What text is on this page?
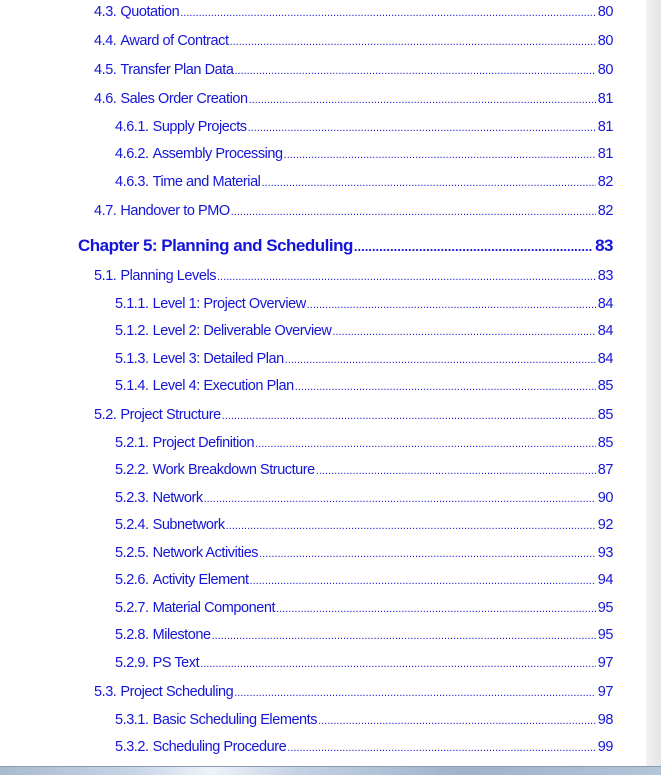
4.3. Quotation .....	80
4.4. Award of Contract .....	80
4.5. Transfer Plan Data .....	80
4.6. Sales Order Creation .....	81
4.6.1. Supply Projects .....	81
4.6.2. Assembly Processing .....	81
4.6.3. Time and Material .....	82
4.7. Handover to PMO .....	82
Chapter 5: Planning and Scheduling .....	83
5.1. Planning Levels .....	83
5.1.1. Level 1: Project Overview .....	84
5.1.2. Level 2: Deliverable Overview .....	84
5.1.3. Level 3: Detailed Plan .....	84
5.1.4. Level 4: Execution Plan .....	85
5.2. Project Structure .....	85
5.2.1. Project Definition .....	85
5.2.2. Work Breakdown Structure .....	87
5.2.3. Network .....	90
5.2.4. Subnetwork .....	92
5.2.5. Network Activities .....	93
5.2.6. Activity Element .....	94
5.2.7. Material Component .....	95
5.2.8. Milestone .....	95
5.2.9. PS Text .....	97
5.3. Project Scheduling .....	97
5.3.1. Basic Scheduling Elements .....	98
5.3.2. Scheduling Procedure .....	99
